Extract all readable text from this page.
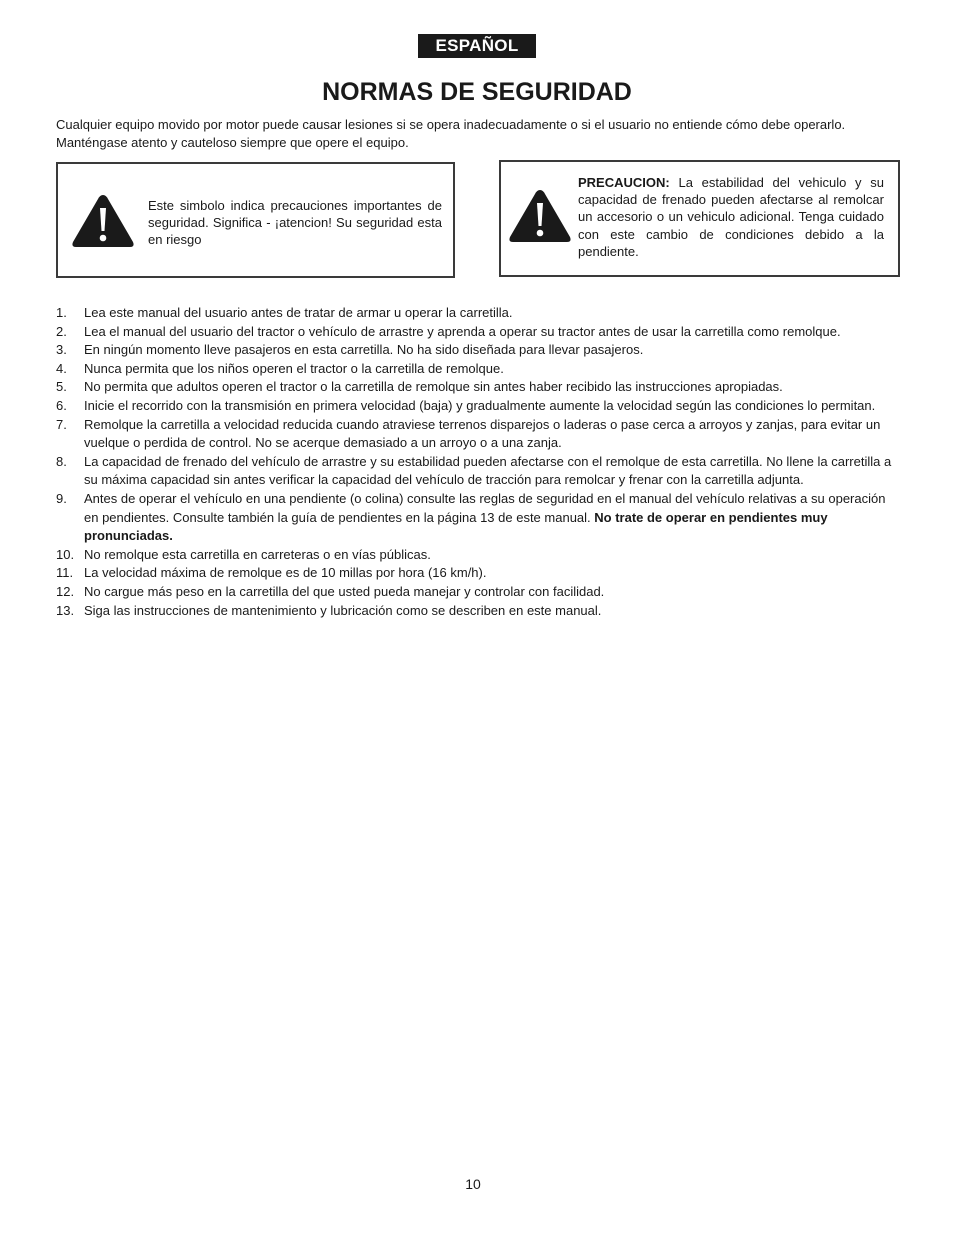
ESPAÑOL
NORMAS DE SEGURIDAD

Cualquier equipo movido por motor puede causar lesiones si se opera inadecuadamente o si el usuario no entiende cómo debe operarlo. Manténgase atento y cauteloso siempre que opere el equipo.

Este simbolo indica precauciones importantes de seguridad. Significa - ¡atencion! Su seguridad esta en riesgo
PRECAUCION: La estabilidad del vehiculo y su capacidad de frenado pueden afectarse al remolcar un accesorio o un vehiculo adicional. Tenga cuidado con este cambio de condiciones debido a la pendiente.
1. Lea este manual del usuario antes de tratar de armar u operar la carretilla.
2. Lea el manual del usuario del tractor o vehículo de arrastre y aprenda a operar su tractor antes de usar la carretilla como remolque.
3. En ningún momento lleve pasajeros en esta carretilla. No ha sido diseñada para llevar pasajeros.
4. Nunca permita que los niños operen el tractor o la carretilla de remolque.
5. No permita que adultos operen el tractor o la carretilla de remolque sin antes haber recibido las instrucciones apropiadas.
6. Inicie el recorrido con la transmisión en primera velocidad (baja) y gradualmente aumente la velocidad según las condiciones lo permitan.
7. Remolque la carretilla a velocidad reducida cuando atraviese terrenos disparejos o laderas o pase cerca a arroyos y zanjas, para evitar un vuelque o perdida de control. No se acerque demasiado a un arroyo o a una zanja.
8. La capacidad de frenado del vehículo de arrastre y su estabilidad pueden afectarse con el remolque de esta carretilla. No llene la carretilla a su máxima capacidad sin antes verificar la capacidad del vehículo de tracción para remolcar y frenar con la carretilla adjunta.
9. Antes de operar el vehículo en una pendiente (o colina) consulte las reglas de seguridad en el manual del vehículo relativas a su operación en pendientes. Consulte también la guía de pendientes en la página 13 de este manual. No trate de operar en pendientes muy pronunciadas.
10. No remolque esta carretilla en carreteras o en vías públicas.
11. La velocidad máxima de remolque es de 10 millas por hora (16 km/h).
12. No cargue más peso en la carretilla del que usted pueda manejar y controlar con facilidad.
13. Siga las instrucciones de mantenimiento y lubricación como se describen en este manual.
10
